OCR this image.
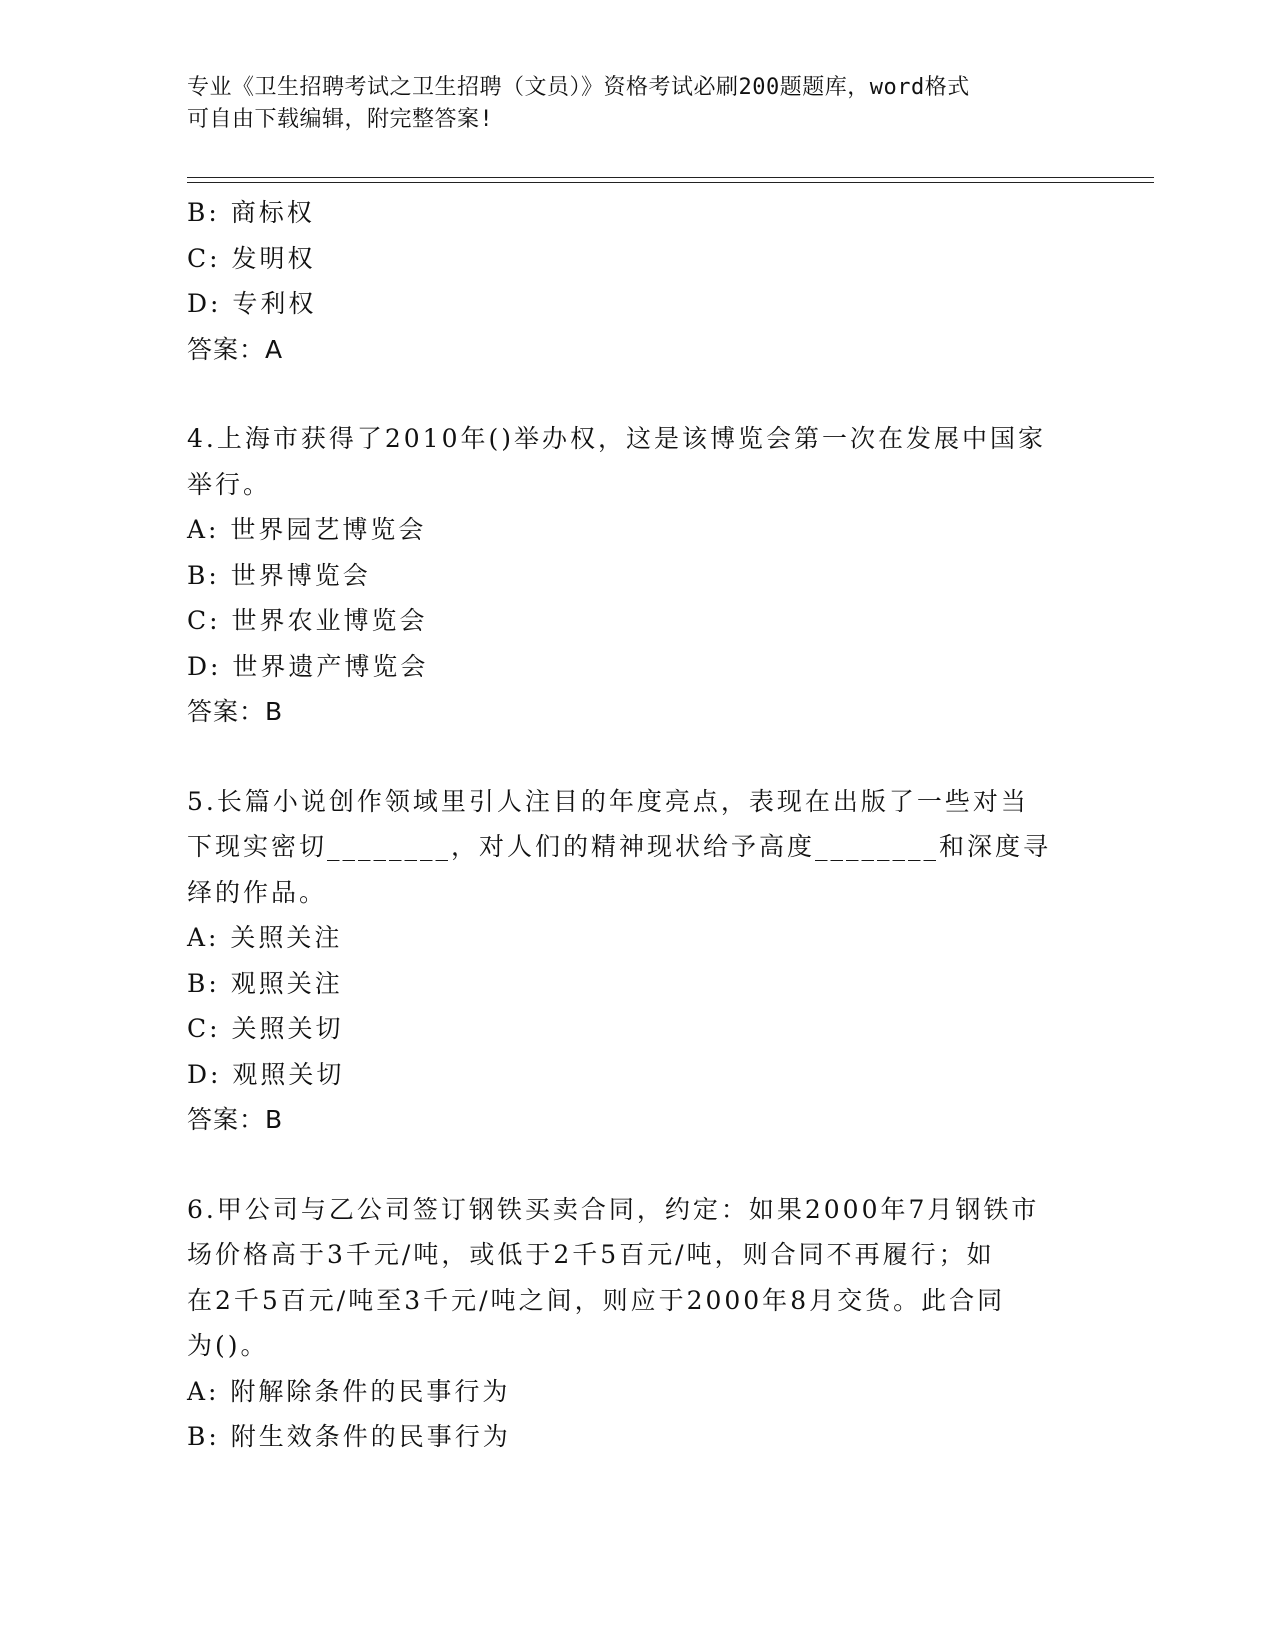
专业《卫生招聘考试之卫生招聘（文员）》资格考试必刷200题题库，word格式
可自由下载编辑，附完整答案!
B: 商标权
C: 发明权
D: 专利权
答案：A
4.上海市获得了2010年()举办权，这是该博览会第一次在发展中国家
举行。
A: 世界园艺博览会
B: 世界博览会
C: 世界农业博览会
D: 世界遗产博览会
答案：B
5.长篇小说创作领域里引人注目的年度亮点，表现在出版了一些对当
下现实密切________，对人们的精神现状给予高度________和深度寻
绎的作品。
A: 关照关注
B: 观照关注
C: 关照关切
D: 观照关切
答案：B
6.甲公司与乙公司签订钢铁买卖合同，约定：如果2000年7月钢铁市
场价格高于3千元/吨，或低于2千5百元/吨，则合同不再履行；如
在2千5百元/吨至3千元/吨之间，则应于2000年8月交货。此合同
为()。
A: 附解除条件的民事行为
B: 附生效条件的民事行为
